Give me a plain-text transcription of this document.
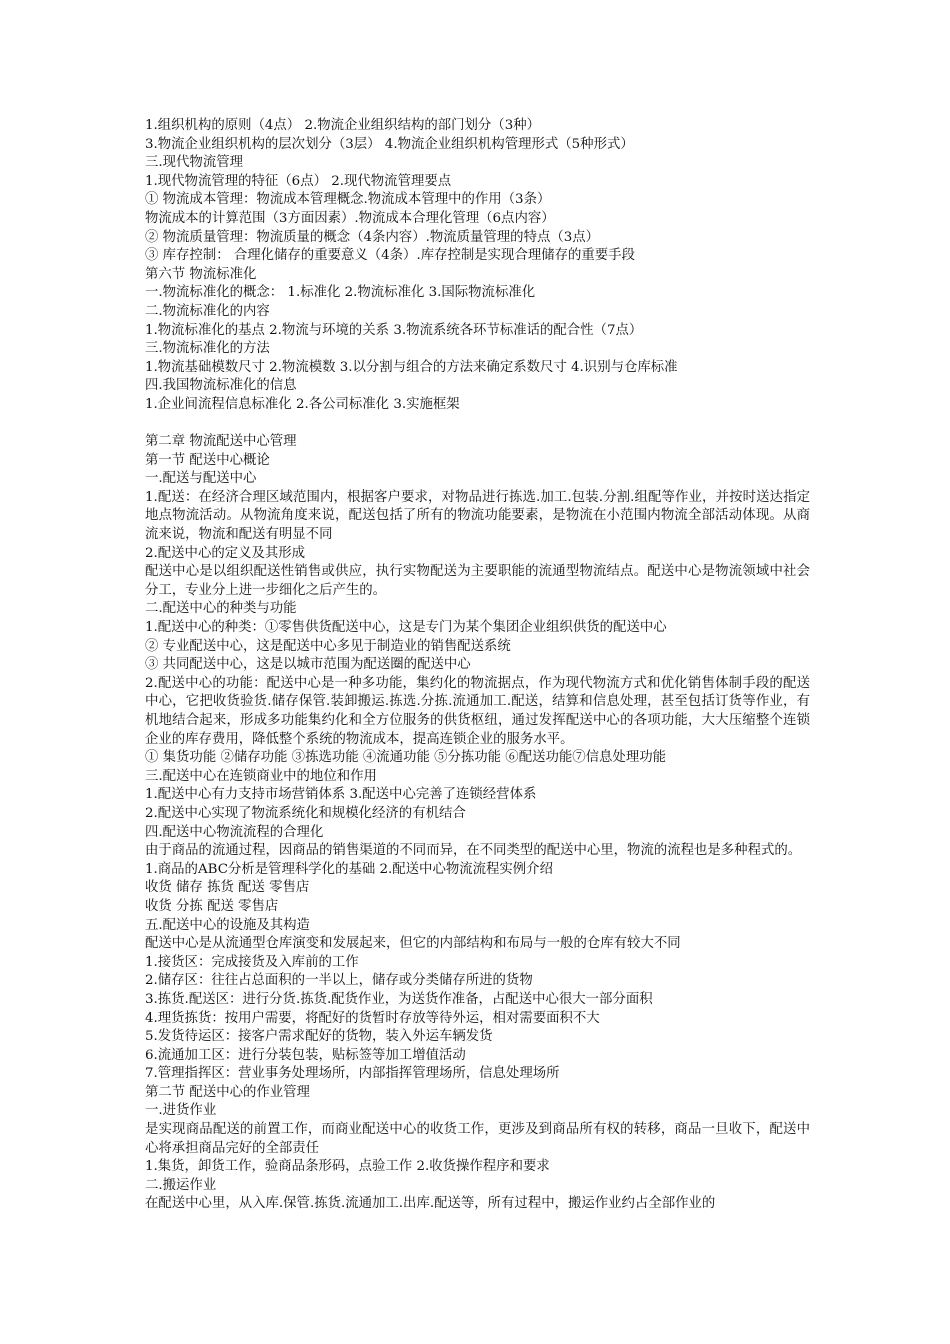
1.组织机构的原则（4点） 2.物流企业组织结构的部门划分（3种）
3.物流企业组织机构的层次划分（3层） 4.物流企业组织机构管理形式（5种形式）
三.现代物流管理
1.现代物流管理的特征（6点） 2.现代物流管理要点
① 物流成本管理：物流成本管理概念.物流成本管理中的作用（3条）
物流成本的计算范围（3方面因素）.物流成本合理化管理（6点内容）
② 物流质量管理：物流质量的概念（4条内容）.物流质量管理的特点（3点）
③ 库存控制： 合理化储存的重要意义（4条）.库存控制是实现合理储存的重要手段
第六节 物流标准化
一.物流标准化的概念： 1.标准化 2.物流标准化 3.国际物流标准化
二.物流标准化的内容
1.物流标准化的基点 2.物流与环境的关系 3.物流系统各环节标准话的配合性（7点）
三.物流标准化的方法
1.物流基础模数尺寸 2.物流模数 3.以分割与组合的方法来确定系数尺寸 4.识别与仓库标准
四.我国物流标准化的信息
1.企业间流程信息标准化 2.各公司标准化 3.实施框架
第二章 物流配送中心管理
第一节 配送中心概论
一.配送与配送中心
1.配送：在经济合理区域范围内，根据客户要求，对物品进行拣选.加工.包装.分割.组配等作业，并按时送达指定地点物流活动。从物流角度来说，配送包括了所有的物流功能要素，是物流在小范围内物流全部活动体现。从商流来说，物流和配送有明显不同
2.配送中心的定义及其形成
配送中心是以组织配送性销售或供应，执行实物配送为主要职能的流通型物流结点。配送中心是物流领域中社会分工，专业分上进一步细化之后产生的。
二.配送中心的种类与功能
1.配送中心的种类：①零售供货配送中心，这是专门为某个集团企业组织供货的配送中心
② 专业配送中心，这是配送中心多见于制造业的销售配送系统
③ 共同配送中心，这是以城市范围为配送圈的配送中心
2.配送中心的功能：配送中心是一种多功能，集约化的物流据点，作为现代物流方式和优化销售体制手段的配送中心，它把收货验货.储存保管.装卸搬运.拣选.分拣.流通加工.配送，结算和信息处理，甚至包括订货等作业，有机地结合起来，形成多功能集约化和全方位服务的供货枢纽，通过发挥配送中心的各项功能，大大压缩整个连锁企业的库存费用，降低整个系统的物流成本，提高连锁企业的服务水平。
① 集货功能 ②储存功能 ③拣选功能 ④流通功能 ⑤分拣功能 ⑥配送功能⑦信息处理功能
三.配送中心在连锁商业中的地位和作用
1.配送中心有力支持市场营销体系 3.配送中心完善了连锁经营体系
2.配送中心实现了物流系统化和规模化经济的有机结合
四.配送中心物流流程的合理化
由于商品的流通过程，因商品的销售渠道的不同而异，在不同类型的配送中心里，物流的流程也是多种程式的。
1.商品的ABC分析是管理科学化的基础 2.配送中心物流流程实例介绍
收货 储存 拣货 配送 零售店
收货 分拣 配送 零售店
五.配送中心的设施及其构造
配送中心是从流通型仓库演变和发展起来，但它的内部结构和布局与一般的仓库有较大不同
1.接货区：完成接货及入库前的工作
2.储存区：往往占总面积的一半以上，储存或分类储存所进的货物
3.拣货.配送区：进行分货.拣货.配货作业，为送货作准备，占配送中心很大一部分面积
4.理货拣货：按用户需要，将配好的货暂时存放等待外运，相对需要面积不大
5.发货待运区：接客户需求配好的货物，装入外运车辆发货
6.流通加工区：进行分装包装，贴标签等加工增值活动
7.管理指挥区：营业事务处理场所，内部指挥管理场所，信息处理场所
第二节 配送中心的作业管理
一.进货作业
是实现商品配送的前置工作，而商业配送中心的收货工作，更涉及到商品所有权的转移，商品一旦收下，配送中心将承担商品完好的全部责任
1.集货，卸货工作，验商品条形码，点验工作 2.收货操作程序和要求
二.搬运作业
在配送中心里，从入库.保管.拣货.流通加工.出库.配送等，所有过程中，搬运作业约占全部作业的
